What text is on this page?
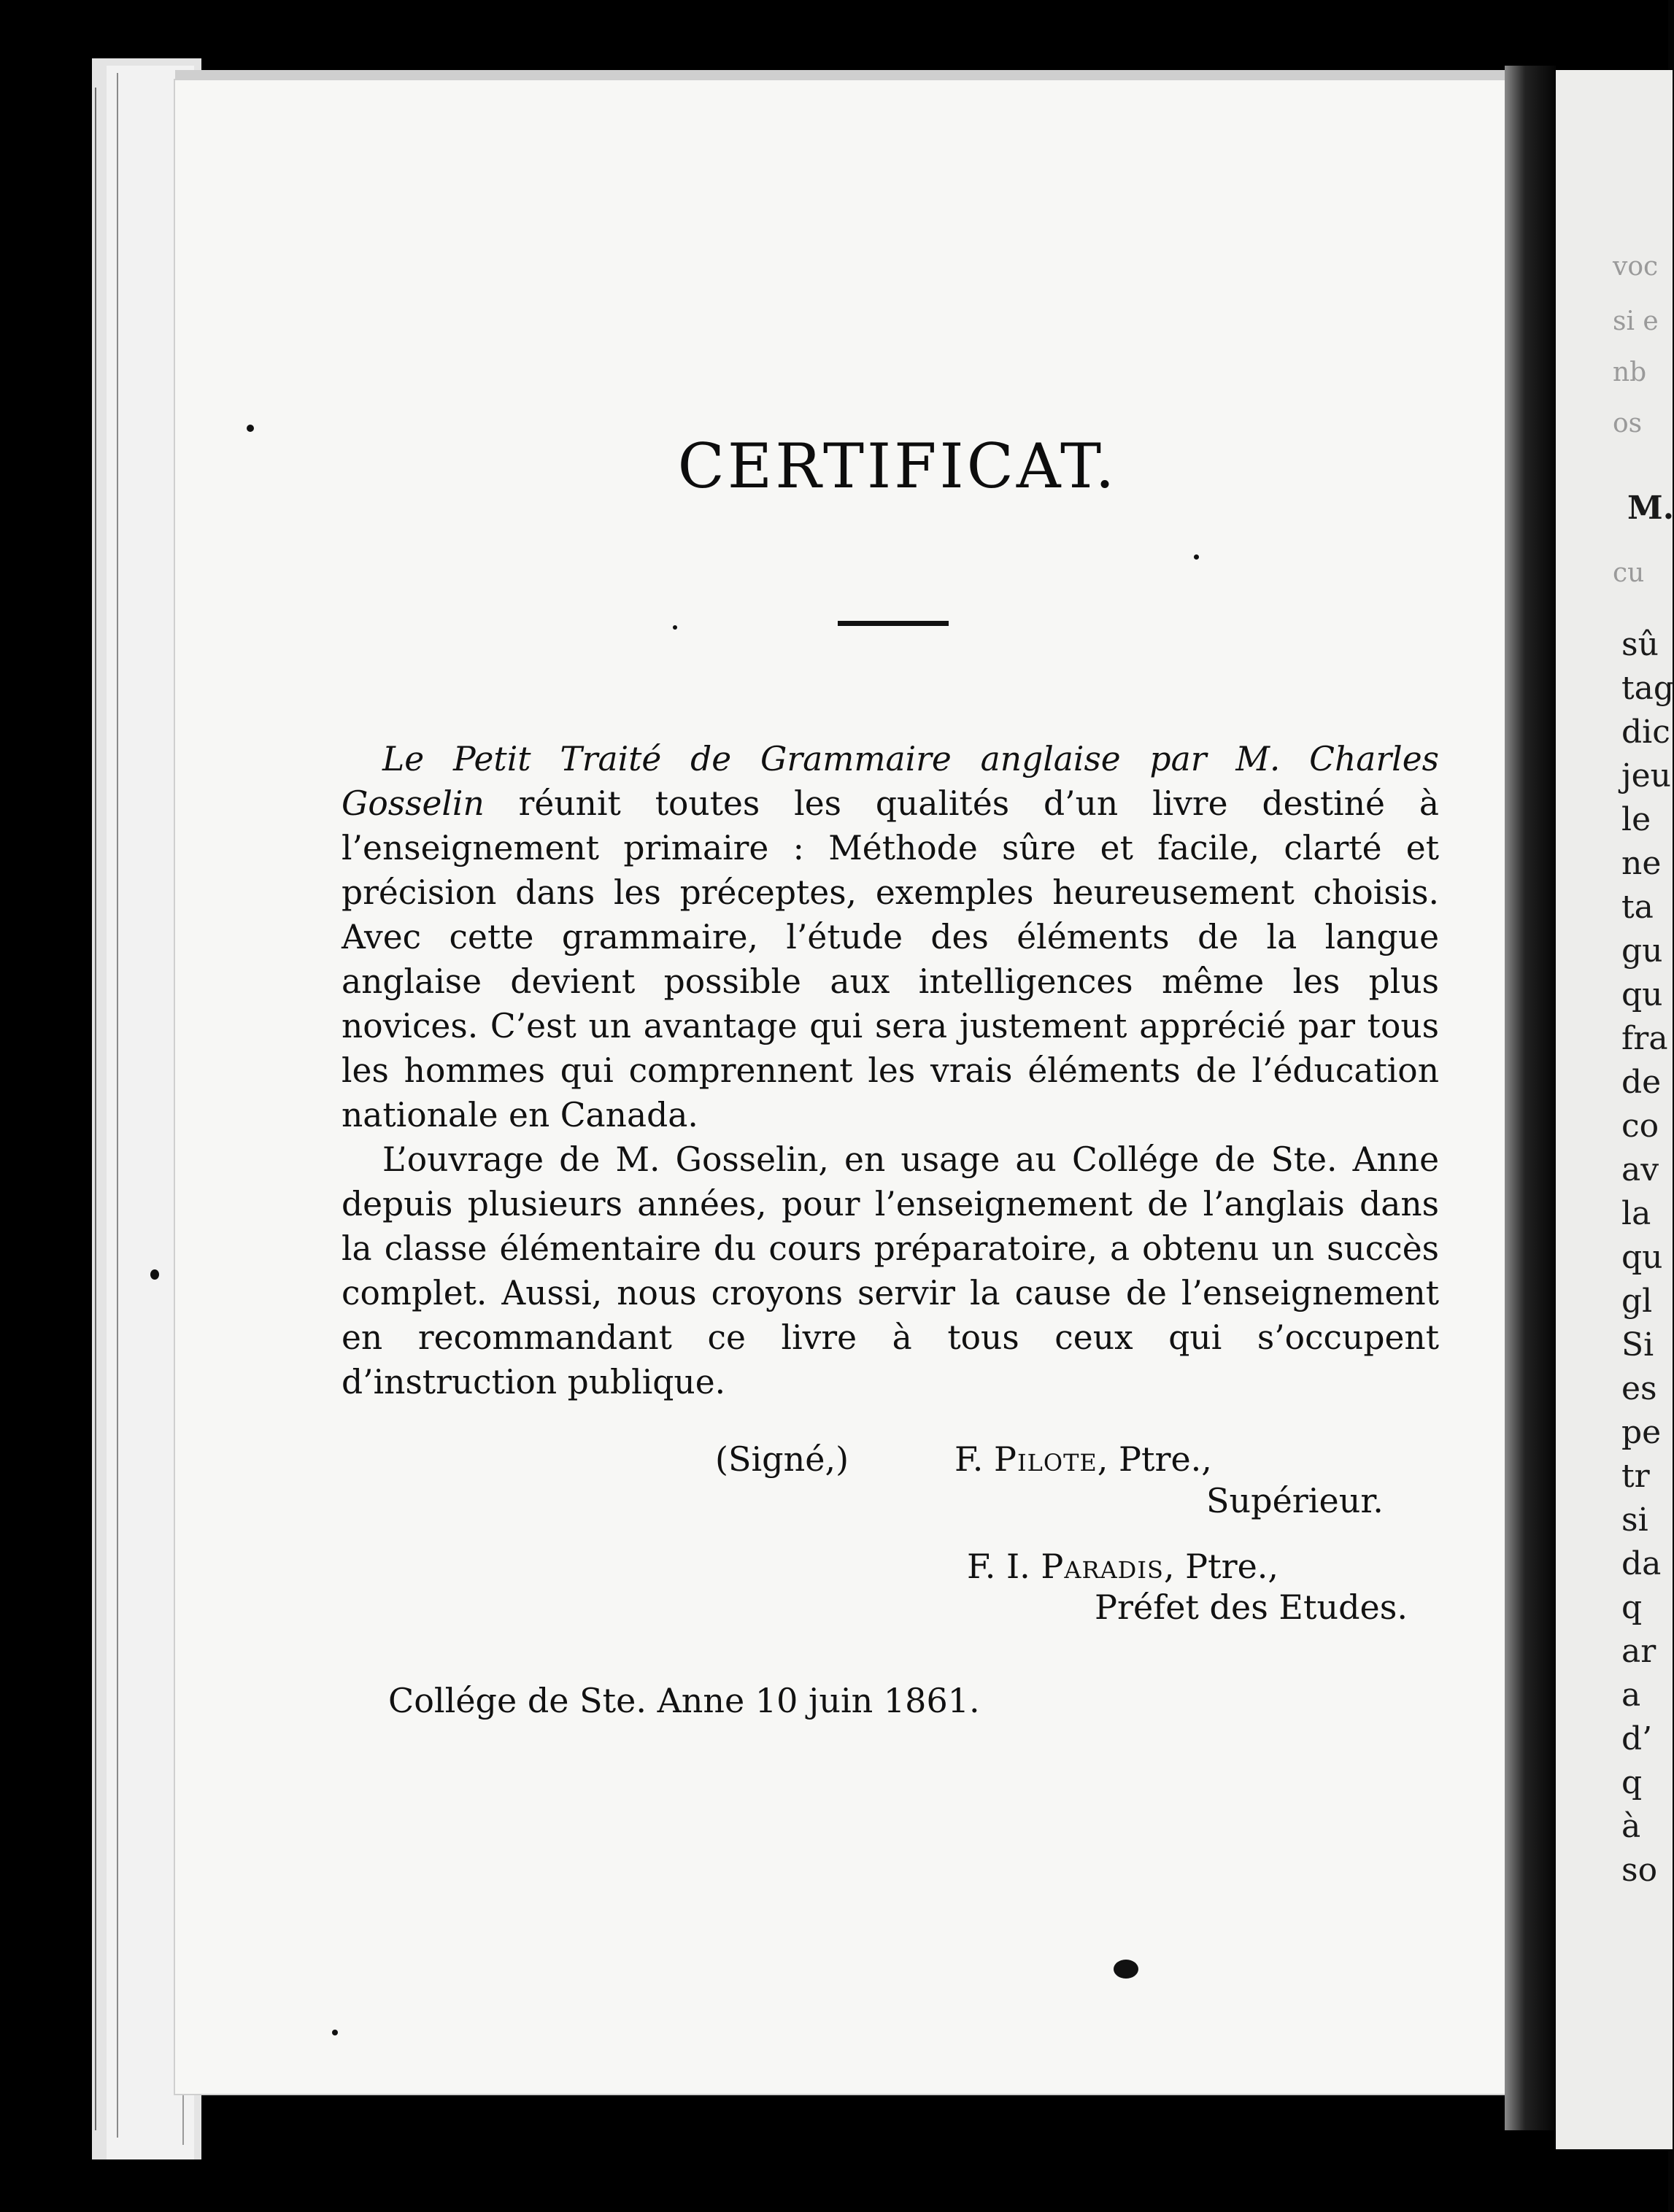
voc
si e
nb
os
cu
M.
sû
tag
dic
jeu
le
ne
ta
gu
qu
fra
de
co
av
la
qu
gl
Si
es
pe
tr
si
da
q
ar
a
d’
q
à
so
CERTIFICAT.

Le Petit Traité de Grammaire anglaise par M. Charles Gosselin réunit toutes les qualités d’un livre destiné à l’enseignement primaire : Méthode sûre et facile, clarté et précision dans les préceptes, exemples heureusement choisis. Avec cette grammaire, l’étude des éléments de la langue anglaise devient possible aux intelligences même les plus novices. C’est un avantage qui sera justement apprécié par tous les hommes qui comprennent les vrais éléments de l’éducation nationale en Canada.

L’ouvrage de M. Gosselin, en usage au Collége de Ste. Anne depuis plusieurs années, pour l’enseignement de l’anglais dans la classe élémentaire du cours préparatoire, a obtenu un succès complet. Aussi, nous croyons servir la cause de l’enseignement en recommandant ce livre à tous ceux qui s’occupent d’instruction publique.

(Signé,)	F. Pilote, Ptre.,
Supérieur.
F. I. Paradis, Ptre.,
Préfet des Etudes.
Collége de Ste. Anne 10 juin 1861.
